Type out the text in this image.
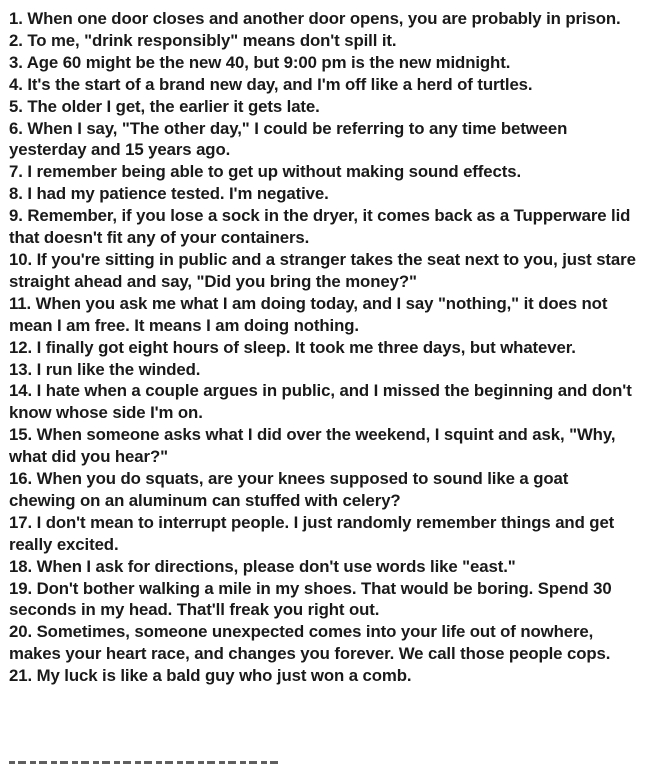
1. When one door closes and another door opens, you are probably in prison.

2. To me, "drink responsibly" means don't spill it.

3. Age 60 might be the new 40, but 9:00 pm is the new midnight.

4. It's the start of a brand new day, and I'm off like a herd of turtles.

5. The older I get, the earlier it gets late.

6. When I say, "The other day," I could be referring to any time between yesterday and 15 years ago.

7. I remember being able to get up without making sound effects.

8. I had my patience tested. I'm negative.

9. Remember, if you lose a sock in the dryer, it comes back as a Tupperware lid that doesn't fit any of your containers.

10. If you're sitting in public and a stranger takes the seat next to you, just stare straight ahead and say, "Did you bring the money?"

11. When you ask me what I am doing today, and I say "nothing," it does not mean I am free. It means I am doing nothing.

12. I finally got eight hours of sleep. It took me three days, but whatever.

13. I run like the winded.

14. I hate when a couple argues in public, and I missed the beginning and don't know whose side I'm on.

15. When someone asks what I did over the weekend, I squint and ask, "Why, what did you hear?"

16. When you do squats, are your knees supposed to sound like a goat chewing on an aluminum can stuffed with celery?

17. I don't mean to interrupt people. I just randomly remember things and get really excited.

18. When I ask for directions, please don't use words like "east."

19. Don't bother walking a mile in my shoes. That would be boring. Spend 30 seconds in my head. That'll freak you right out.

20. Sometimes, someone unexpected comes into your life out of nowhere, makes your heart race, and changes you forever. We call those people cops.

21. My luck is like a bald guy who just won a comb.
